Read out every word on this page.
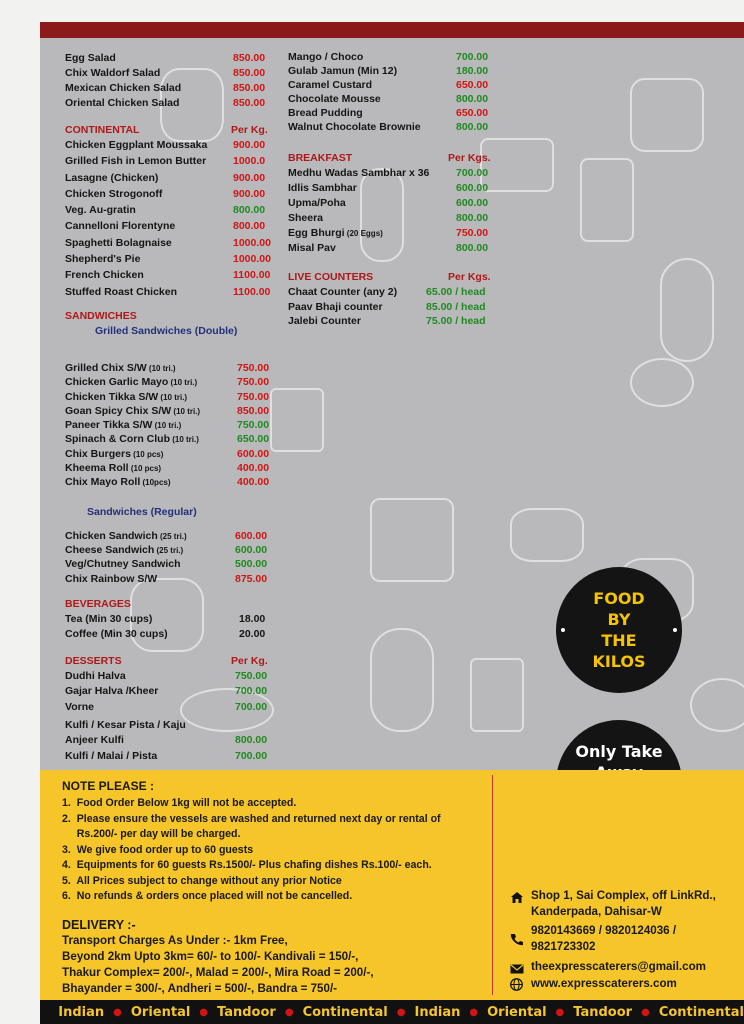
Egg Salad	850.00
Chix Waldorf Salad	850.00
Mexican Chicken Salad	850.00
Oriental Chicken Salad	850.00
CONTINENTAL	Per Kg.
Chicken Eggplant Moussaka 900.00
Grilled Fish in Lemon Butter	1000.0
Lasagne (Chicken)	900.00
Chicken Strogonoff	900.00
Veg. Au-gratin	800.00
Cannelloni Florentyne	800.00
Spaghetti Bolagnaise	1000.00
Shepherd's Pie	1000.00
French Chicken	1100.00
Stuffed Roast Chicken	1100.00
SANDWICHES
Grilled Sandwiches (Double)
Grilled Chix S/W (10 tri.)	750.00
Chicken Garlic Mayo (10 tri.)	750.00
Chicken Tikka S/W (10 tri.)	750.00
Goan Spicy Chix S/W (10 tri.)	850.00
Paneer Tikka S/W (10 tri.)	750.00
Spinach & Corn Club (10 tri.)	650.00
Chix Burgers (10 pcs)	600.00
Kheema Roll (10 pcs)	400.00
Chix Mayo Roll (10pcs)	400.00
Sandwiches (Regular)
Chicken Sandwich (25 tri.)	600.00
Cheese Sandwich (25 tri.)	600.00
Veg/Chutney Sandwich	500.00
Chix Rainbow S/W	875.00
BEVERAGES
Tea (Min 30 cups)	18.00
Coffee (Min 30 cups)	20.00
DESSERTS	Per Kg.
Dudhi Halva	750.00
Gajar Halva /Kheer	700.00
Vorne	700.00
Kulfi / Kesar Pista / Kaju
Anjeer Kulfi	800.00
Kulfi / Malai / Pista	700.00
Mango / Choco	700.00
Gulab Jamun (Min 12)	180.00
Caramel Custard	650.00
Chocolate Mousse	800.00
Bread Pudding	650.00
Walnut Chocolate Brownie	800.00
BREAKFAST	Per Kgs.
Medhu Wadas Sambhar x 36	700.00
Idlis Sambhar	600.00
Upma/Poha	600.00
Sheera	800.00
Egg Bhurgi (20 Eggs)	750.00
Misal Pav	800.00
LIVE COUNTERS	Per Kgs.
Chaat Counter (any 2)	65.00 / head
Paav Bhaji counter	85.00 / head
Jalebi Counter	75.00 / head
FOOD
BY
THE
KILOS
Only Take
NOTE PLEASE :
1.  Food Order Below 1kg will not be accepted.
2.  Please ensure the vessels are washed and returned next day or rental of
Rs.200/- per day will be charged.
3.  We give food order up to 60 guests
4.  Equipments for 60 guests Rs.1500/- Plus chafing dishes Rs.100/- each.
5.  All Prices subject to change without any prior Notice
6.  No refunds & orders once placed will not be cancelled.
DELIVERY :-
Transport Charges As Under :- 1km Free,
Beyond 2km Upto 3km= 60/- to 100/- Kandivali = 150/-,
Thakur Complex= 200/-, Malad = 200/-, Mira Road = 200/-,
Bhayander = 300/-, Andheri = 500/-, Bandra = 750/-
Shop 1, Sai Complex, off LinkRd.,
Kanderpada, Dahisar-W
9820143669 / 9820124036 /
9821723302
theexpresscaterers@gmail.com
www.expresscaterers.com
Indian ● Oriental ● Tandoor ● Continental ● Indian ● Oriental ● Tandoor ● Continental
